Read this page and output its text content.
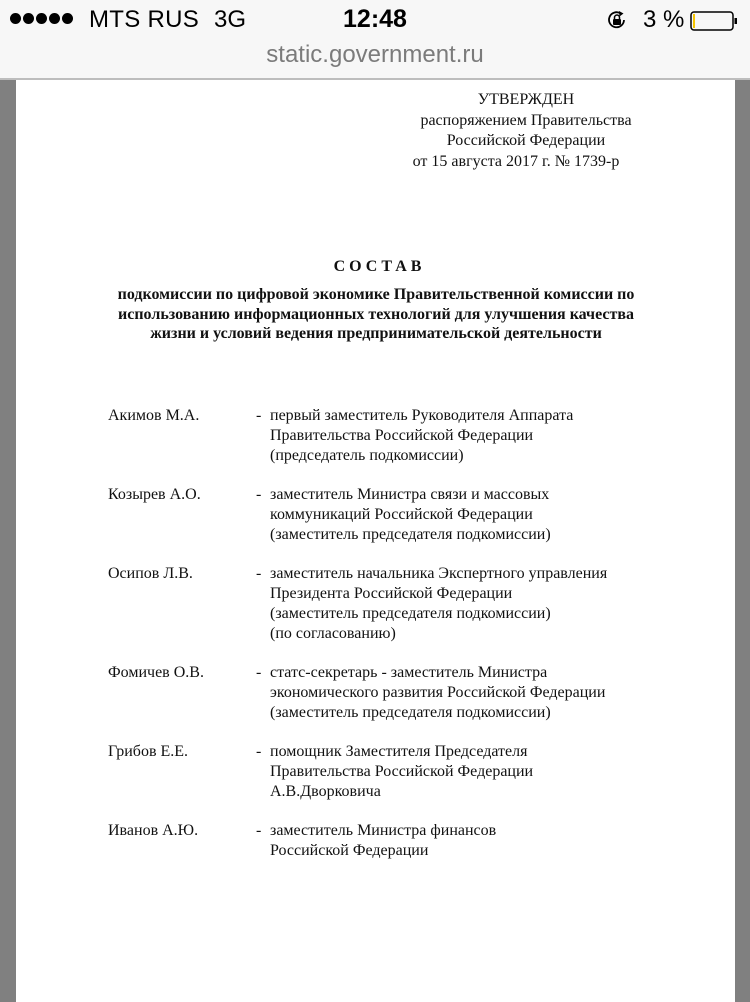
MTS RUS 3G	12:48	3 %
static.government.ru
УТВЕРЖДЕН
распоряжением Правительства
Российской Федерации
от 15 августа 2017 г. № 1739-р
СОСТАВ
подкомиссии по цифровой экономике Правительственной комиссии по использованию информационных технологий для улучшения качества жизни и условий ведения предпринимательской деятельности
Акимов М.А.	- первый заместитель Руководителя Аппарата
Правительства Российской Федерации
(председатель подкомиссии)
Козырев А.О.	- заместитель Министра связи и массовых
коммуникаций Российской Федерации
(заместитель председателя подкомиссии)
Осипов Л.В.	- заместитель начальника Экспертного управления
Президента Российской Федерации
(заместитель председателя подкомиссии)
(по согласованию)
Фомичев О.В.	- статс-секретарь - заместитель Министра
экономического развития Российской Федерации
(заместитель председателя подкомиссии)
Грибов Е.Е.	- помощник Заместителя Председателя
Правительства Российской Федерации
А.В.Дворковича
Иванов А.Ю.	- заместитель Министра финансов
Российской Федерации
